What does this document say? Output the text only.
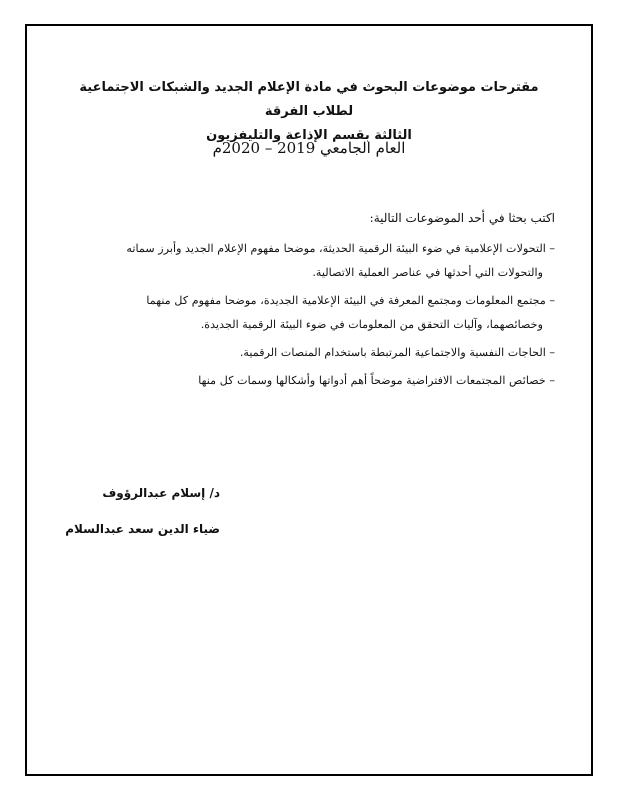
مقترحات موضوعات البحوث في مادة الإعلام الجديد والشبكات الاجتماعية لطلاب الفرقة
الثالثة بقسم الإذاعة والتليفزيون
العام الجامعي 2019 – 2020م
اكتب بحثا في أحد الموضوعات التالية:
– التحولات الإعلامية في ضوء البيئة الرقمية الحديثة، موضحا مفهوم الإعلام الجديد وأبرز سماته
والتحولات التي أحدثها في عناصر العملية الاتصالية.
– مجتمع المعلومات ومجتمع المعرفة في البيئة الإعلامية الجديدة، موضحا مفهوم كل منهما
وخصائصهما، وآليات التحقق من المعلومات في ضوء البيئة الرقمية الجديدة.
– الحاجات النفسية والاجتماعية المرتبطة باستخدام المنصات الرقمية.
– خصائص المجتمعات الافتراضية موضحاً أهم أدواتها وأشكالها وسمات كل منها
د/ إسلام عبدالرؤوف
ضياء الدين سعد عبدالسلام
